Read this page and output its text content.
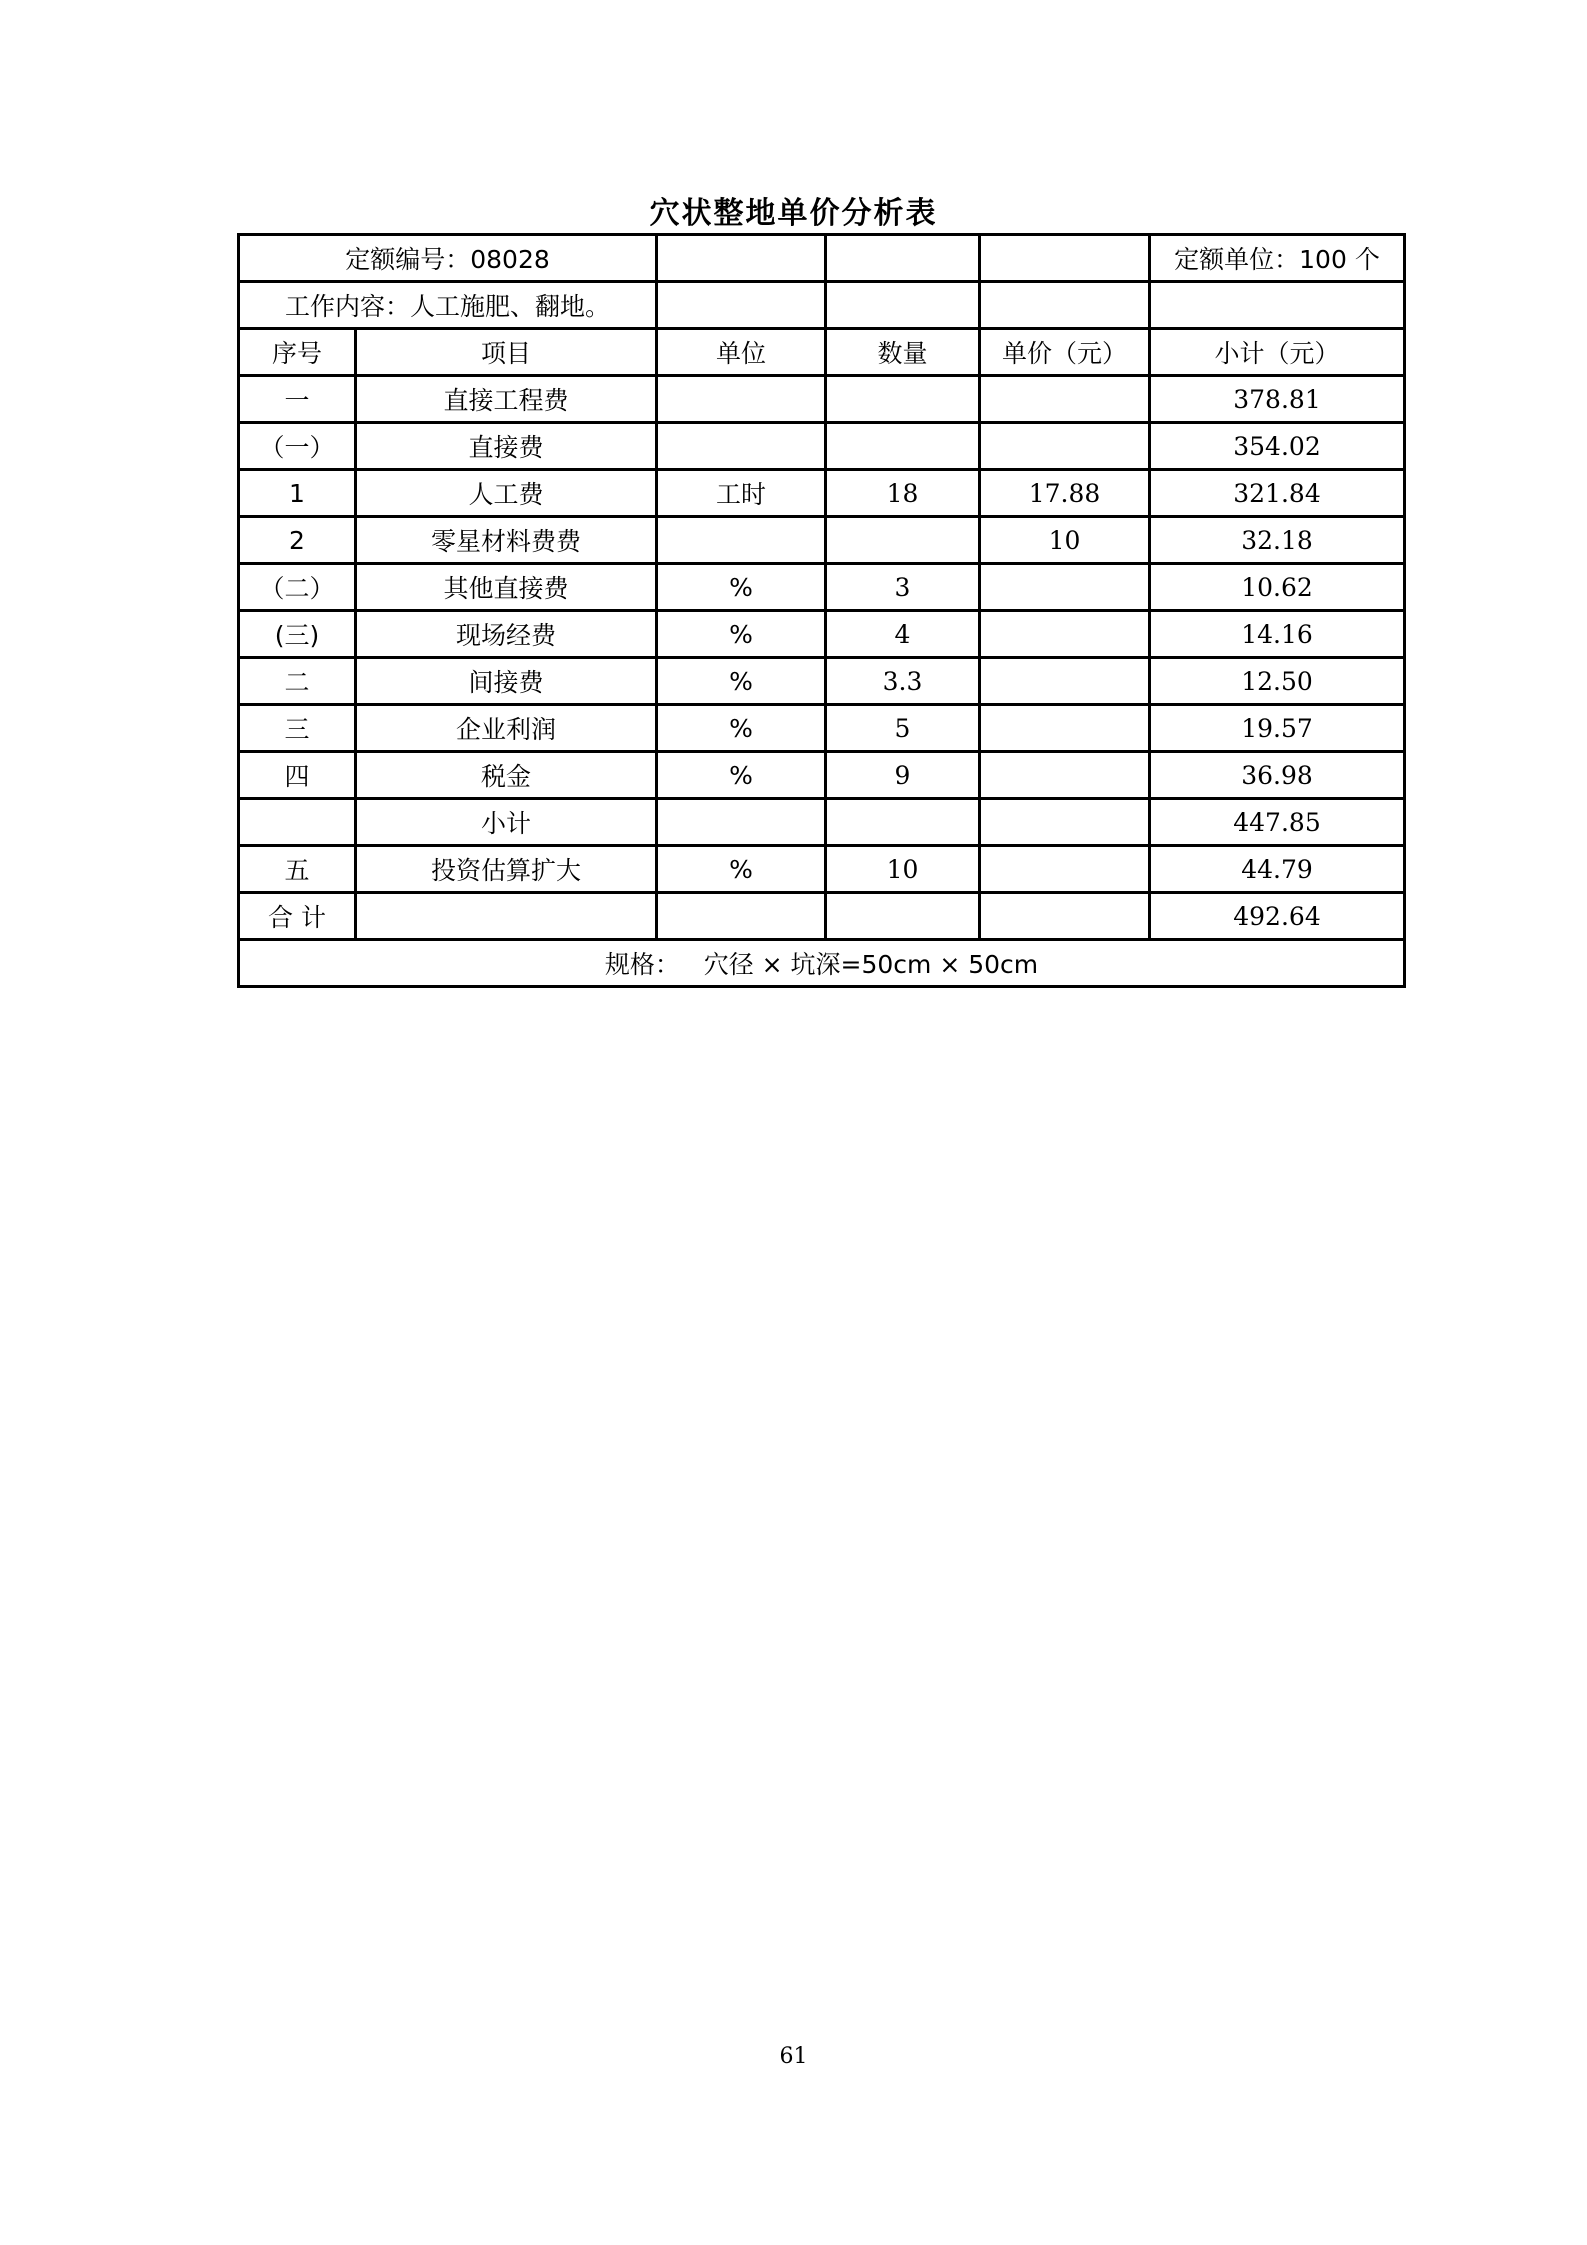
穴状整地单价分析表
定额编号：08028					定额单位：100 个
工作内容：人工施肥、翻地。					
序号	项目	单位	数量	单价（元）	小计（元）
一	直接工程费				378.81
（一）	直接费				354.02
1	人工费	工时	18	17.88	321.84
2	零星材料费费			10	32.18
（二）	其他直接费	%	3		10.62
(三)	现场经费	%	4		14.16
二	间接费	%	3.3		12.50
三	企业利润	%	5		19.57
四	税金	%	9		36.98
	小计				447.85
五	投资估算扩大	%	10		44.79
合 计					492.64
规格： 穴径 × 坑深=50cm × 50cm					
61
